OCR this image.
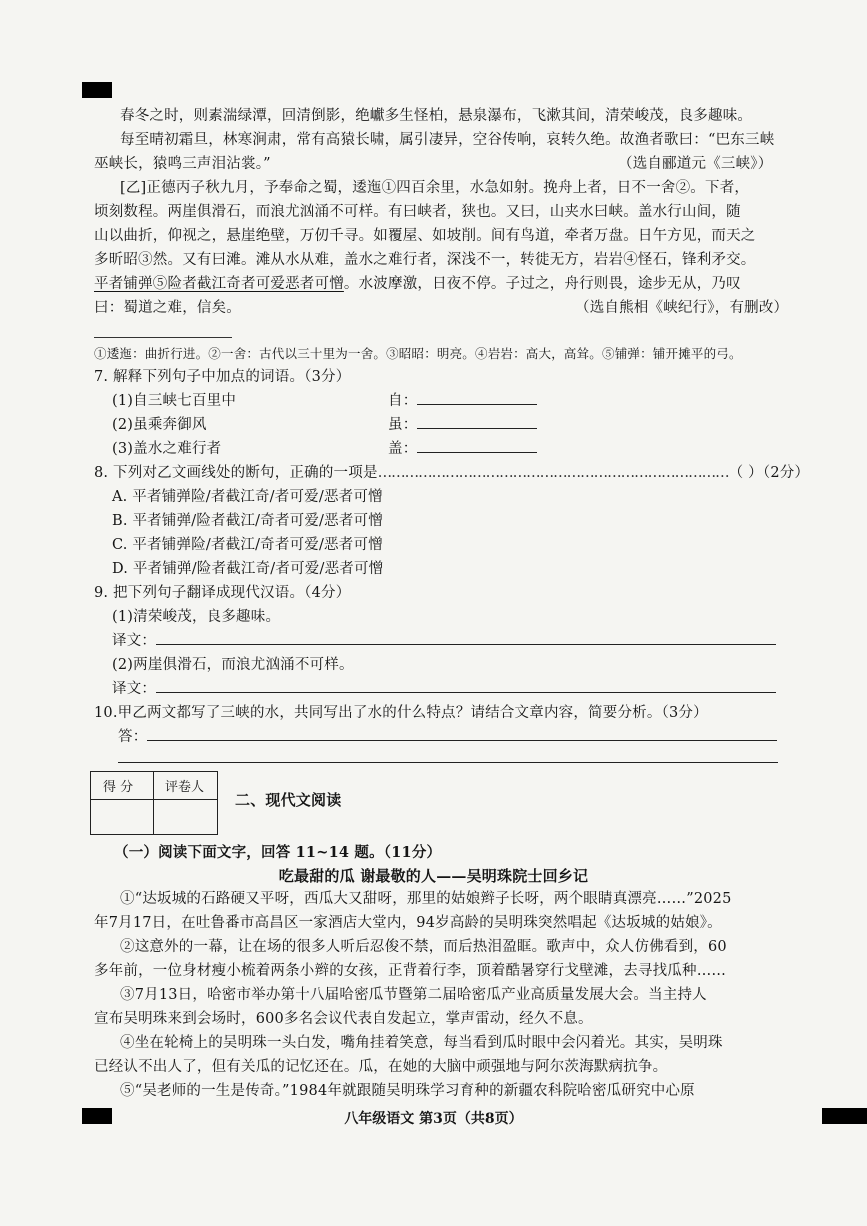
春冬之时，则素湍绿潭，回清倒影，绝巘多生怪柏，悬泉瀑布，飞漱其间，清荣峻茂，良多趣味。
每至晴初霜旦，林寒涧肃，常有高猿长啸，属引凄异，空谷传响，哀转久绝。故渔者歌曰：“巴东三峡
巫峡长，猿鸣三声泪沾裳。”	（选自郦道元《三峡》）
[乙]正德丙子秋九月，予奉命之蜀，逶迤①四百余里，水急如射。挽舟上者，日不一舍②。下者，
顷刻数程。两崖俱滑石，而浪尤汹涌不可样。有曰峡者，狭也。又曰，山夹水曰峡。盖水行山间，随
山以曲折，仰视之，悬崖绝壁，万仞千寻。如覆屋、如坡削。间有鸟道，牵者万盘。日午方见，而天之
多昕昭③然。又有曰滩。滩从水从难，盖水之难行者，深浅不一，转徙无方，岩岩④怪石，锋利矛交。
平者铺弹⑤险者截江奇者可爱恶者可憎。水波摩激，日夜不停。子过之，舟行则畏，途步无从，乃叹
曰：蜀道之难，信矣。	（选自熊相《峡纪行》，有删改）
①逶迤：曲折行进。②一舍：古代以三十里为一舍。③昭昭：明亮。④岩岩：高大，高耸。⑤铺弹：铺开摊平的弓。
7. 解释下列句子中加点的词语。（3分）
(1)自三峡七百里中	自：
(2)虽乘奔御风	虽：
(3)盖水之难行者	盖：
8. 下列对乙文画线处的断句，正确的一项是……………………………………………………………………（ ）（2分）
A. 平者铺弹险/者截江奇/者可爱/恶者可憎
B. 平者铺弹/险者截江/奇者可爱/恶者可憎
C. 平者铺弹险/者截江/奇者可爱/恶者可憎
D. 平者铺弹/险者截江奇/者可爱/恶者可憎
9. 把下列句子翻译成现代汉语。（4分）
(1)清荣峻茂，良多趣味。
译文：
(2)两崖俱滑石，而浪尤汹涌不可样。
译文：
10.甲乙两文都写了三峡的水，共同写出了水的什么特点？请结合文章内容，简要分析。（3分）
答：
得 分 评卷人
二、现代文阅读
（一）阅读下面文字，回答 11~14 题。（11分）
吃最甜的瓜 谢最敬的人——吴明珠院士回乡记
①“达坂城的石路硬又平呀，西瓜大又甜呀，那里的姑娘辫子长呀，两个眼睛真漂亮……”2025
年7月17日，在吐鲁番市高昌区一家酒店大堂内，94岁高龄的吴明珠突然唱起《达坂城的姑娘》。
②这意外的一幕，让在场的很多人听后忍俊不禁，而后热泪盈眶。歌声中，众人仿佛看到，60
多年前，一位身材瘦小梳着两条小辫的女孩，正背着行李，顶着酷暑穿行戈壁滩，去寻找瓜种……
③7月13日，哈密市举办第十八届哈密瓜节暨第二届哈密瓜产业高质量发展大会。当主持人
宣布吴明珠来到会场时，600多名会议代表自发起立，掌声雷动，经久不息。
④坐在轮椅上的吴明珠一头白发，嘴角挂着笑意，每当看到瓜时眼中会闪着光。其实，吴明珠
已经认不出人了，但有关瓜的记忆还在。瓜，在她的大脑中顽强地与阿尔茨海默病抗争。
⑤“吴老师的一生是传奇。”1984年就跟随吴明珠学习育种的新疆农科院哈密瓜研究中心原
八年级语文 第3页（共8页）
